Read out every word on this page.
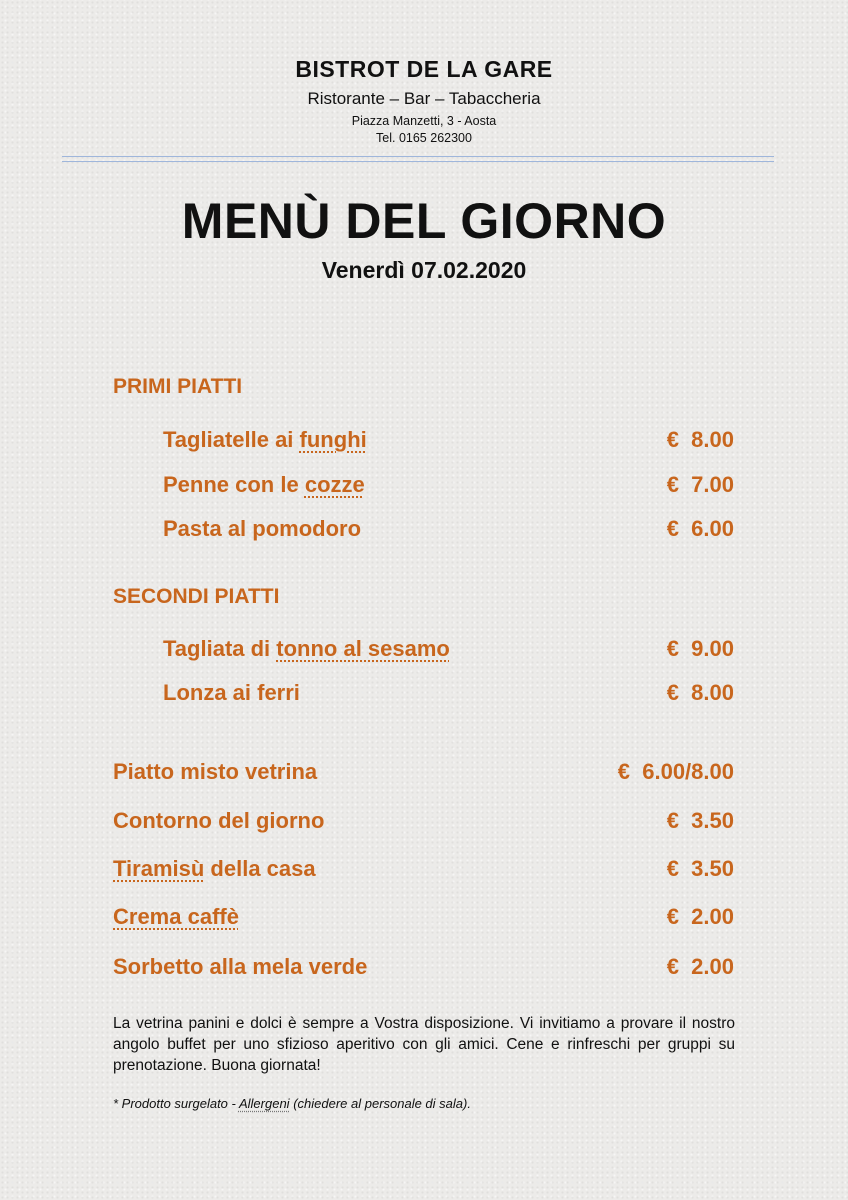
BISTROT DE LA GARE
Ristorante – Bar – Tabaccheria
Piazza Manzetti, 3 - Aosta
Tel. 0165 262300
MENÙ DEL GIORNO
Venerdì 07.02.2020
PRIMI PIATTI
Tagliatelle ai funghi	€  8.00
Penne con le cozze	€  7.00
Pasta al pomodoro	€  6.00
SECONDI PIATTI
Tagliata di tonno al sesamo	€  9.00
Lonza ai ferri	€  8.00
Piatto misto vetrina	€  6.00/8.00
Contorno del giorno	€  3.50
Tiramisù della casa	€  3.50
Crema caffè	€  2.00
Sorbetto alla mela verde	€  2.00
La vetrina panini e dolci è sempre a Vostra disposizione. Vi invitiamo a provare il nostro angolo buffet per uno sfizioso aperitivo con gli amici. Cene e rinfreschi per gruppi su prenotazione. Buona giornata!
* Prodotto surgelato - Allergeni (chiedere al personale di sala).
